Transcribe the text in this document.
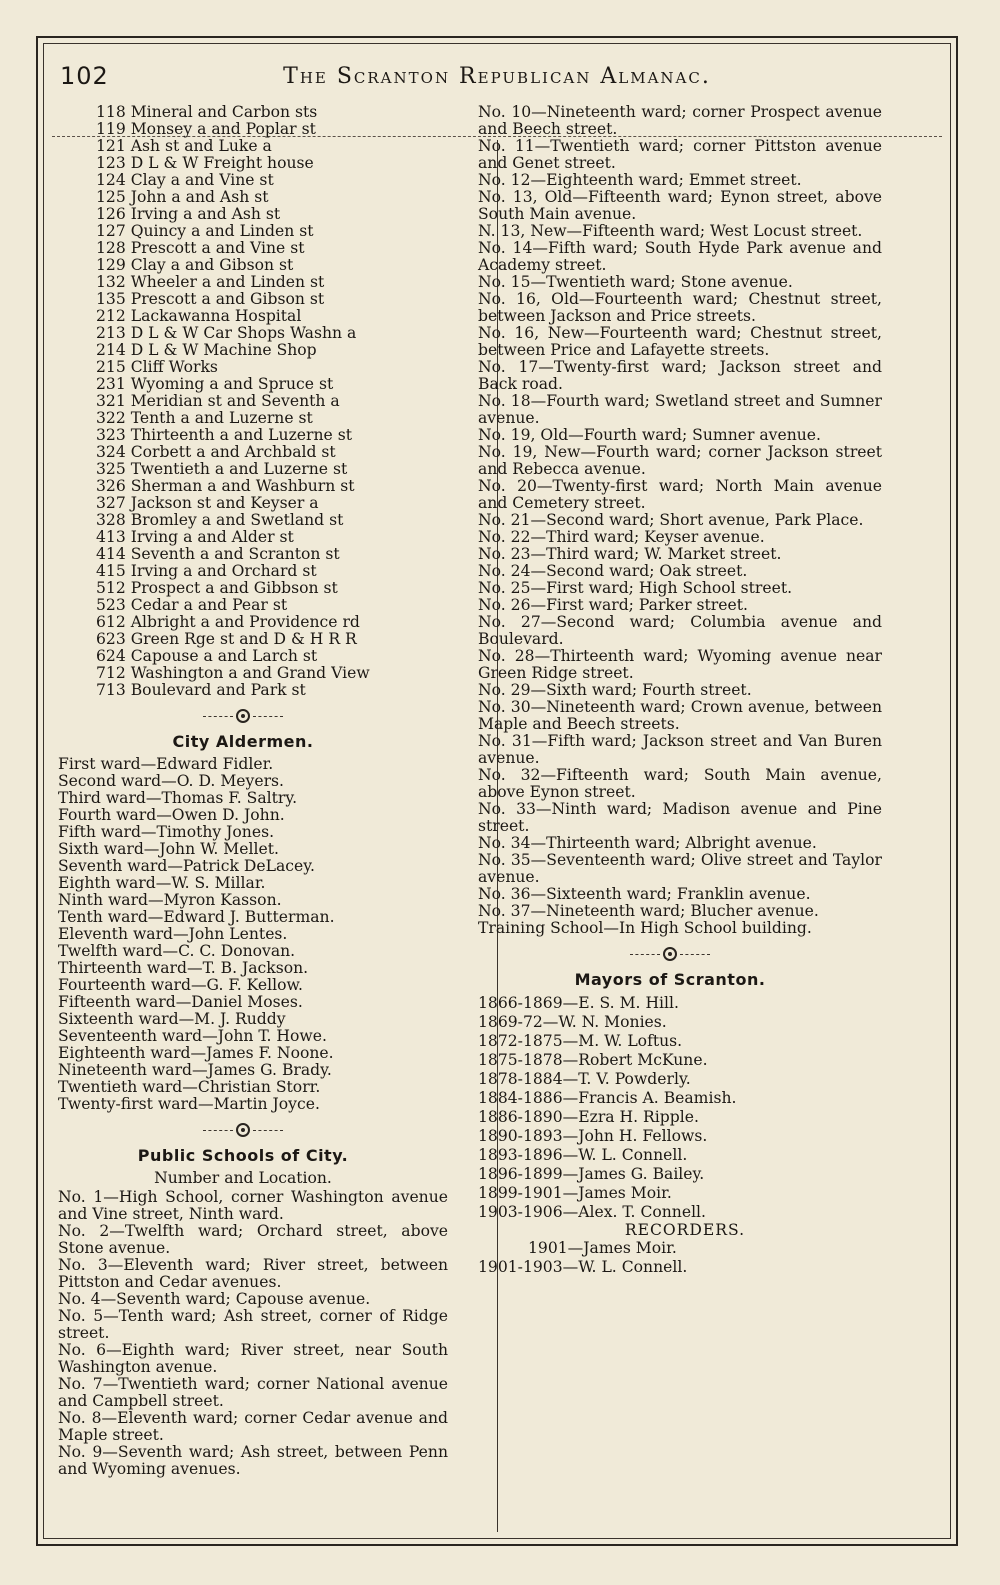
102	The Scranton Republican Almanac.
118 Mineral and Carbon sts
119 Monsey a and Poplar st
121 Ash st and Luke a
123 D L & W Freight house
124 Clay a and Vine st
125 John a and Ash st
126 Irving a and Ash st
127 Quincy a and Linden st
128 Prescott a and Vine st
129 Clay a and Gibson st
132 Wheeler a and Linden st
135 Prescott a and Gibson st
212 Lackawanna Hospital
213 D L & W Car Shops Washn a
214 D L & W Machine Shop
215 Cliff Works
231 Wyoming a and Spruce st
321 Meridian st and Seventh a
322 Tenth a and Luzerne st
323 Thirteenth a and Luzerne st
324 Corbett a and Archbald st
325 Twentieth a and Luzerne st
326 Sherman a and Washburn st
327 Jackson st and Keyser a
328 Bromley a and Swetland st
413 Irving a and Alder st
414 Seventh a and Scranton st
415 Irving a and Orchard st
512 Prospect a and Gibbson st
523 Cedar a and Pear st
612 Albright a and Providence rd
623 Green Rge st and D & H R R
624 Capouse a and Larch st
712 Washington a and Grand View
713 Boulevard and Park st
City Aldermen.
First ward—Edward Fidler.
Second ward—O. D. Meyers.
Third ward—Thomas F. Saltry.
Fourth ward—Owen D. John.
Fifth ward—Timothy Jones.
Sixth ward—John W. Mellet.
Seventh ward—Patrick DeLacey.
Eighth ward—W. S. Millar.
Ninth ward—Myron Kasson.
Tenth ward—Edward J. Butterman.
Eleventh ward—John Lentes.
Twelfth ward—C. C. Donovan.
Thirteenth ward—T. B. Jackson.
Fourteenth ward—G. F. Kellow.
Fifteenth ward—Daniel Moses.
Sixteenth ward—M. J. Ruddy
Seventeenth ward—John T. Howe.
Eighteenth ward—James F. Noone.
Nineteenth ward—James G. Brady.
Twentieth ward—Christian Storr.
Twenty-first ward—Martin Joyce.
Public Schools of City.
Number and Location.
No. 1—High School, corner Washington avenue and Vine street, Ninth ward.
No. 2—Twelfth ward; Orchard street, above Stone avenue.
No. 3—Eleventh ward; River street, between Pittston and Cedar avenues.
No. 4—Seventh ward; Capouse avenue.
No. 5—Tenth ward; Ash street, corner of Ridge street.
No. 6—Eighth ward; River street, near South Washington avenue.
No. 7—Twentieth ward; corner National avenue and Campbell street.
No. 8—Eleventh ward; corner Cedar avenue and Maple street.
No. 9—Seventh ward; Ash street, between Penn and Wyoming avenues.
No. 10—Nineteenth ward; corner Prospect avenue and Beech street.
No. 11—Twentieth ward; corner Pittston avenue and Genet street.
No. 12—Eighteenth ward; Emmet street.
No. 13, Old—Fifteenth ward; Eynon street, above South Main avenue.
N. 13, New—Fifteenth ward; West Locust street.
No. 14—Fifth ward; South Hyde Park avenue and Academy street.
No. 15—Twentieth ward; Stone avenue.
No. 16, Old—Fourteenth ward; Chestnut street, between Jackson and Price streets.
No. 16, New—Fourteenth ward; Chestnut street, between Price and Lafayette streets.
No. 17—Twenty-first ward; Jackson street and Back road.
No. 18—Fourth ward; Swetland street and Sumner avenue.
No. 19, Old—Fourth ward; Sumner avenue.
No. 19, New—Fourth ward; corner Jackson street and Rebecca avenue.
No. 20—Twenty-first ward; North Main avenue and Cemetery street.
No. 21—Second ward; Short avenue, Park Place.
No. 22—Third ward; Keyser avenue.
No. 23—Third ward; W. Market street.
No. 24—Second ward; Oak street.
No. 25—First ward; High School street.
No. 26—First ward; Parker street.
No. 27—Second ward; Columbia avenue and Boulevard.
No. 28—Thirteenth ward; Wyoming avenue near Green Ridge street.
No. 29—Sixth ward; Fourth street.
No. 30—Nineteenth ward; Crown avenue, between Maple and Beech streets.
No. 31—Fifth ward; Jackson street and Van Buren avenue.
No. 32—Fifteenth ward; South Main avenue, above Eynon street.
No. 33—Ninth ward; Madison avenue and Pine street.
No. 34—Thirteenth ward; Albright avenue.
No. 35—Seventeenth ward; Olive street and Taylor avenue.
No. 36—Sixteenth ward; Franklin avenue.
No. 37—Nineteenth ward; Blucher avenue.
Training School—In High School building.
Mayors of Scranton.
1866-1869—E. S. M. Hill.
1869-72—W. N. Monies.
1872-1875—M. W. Loftus.
1875-1878—Robert McKune.
1878-1884—T. V. Powderly.
1884-1886—Francis A. Beamish.
1886-1890—Ezra H. Ripple.
1890-1893—John H. Fellows.
1893-1896—W. L. Connell.
1896-1899—James G. Bailey.
1899-1901—James Moir.
1903-1906—Alex. T. Connell.
RECORDERS.
1901—James Moir.
1901-1903—W. L. Connell.
